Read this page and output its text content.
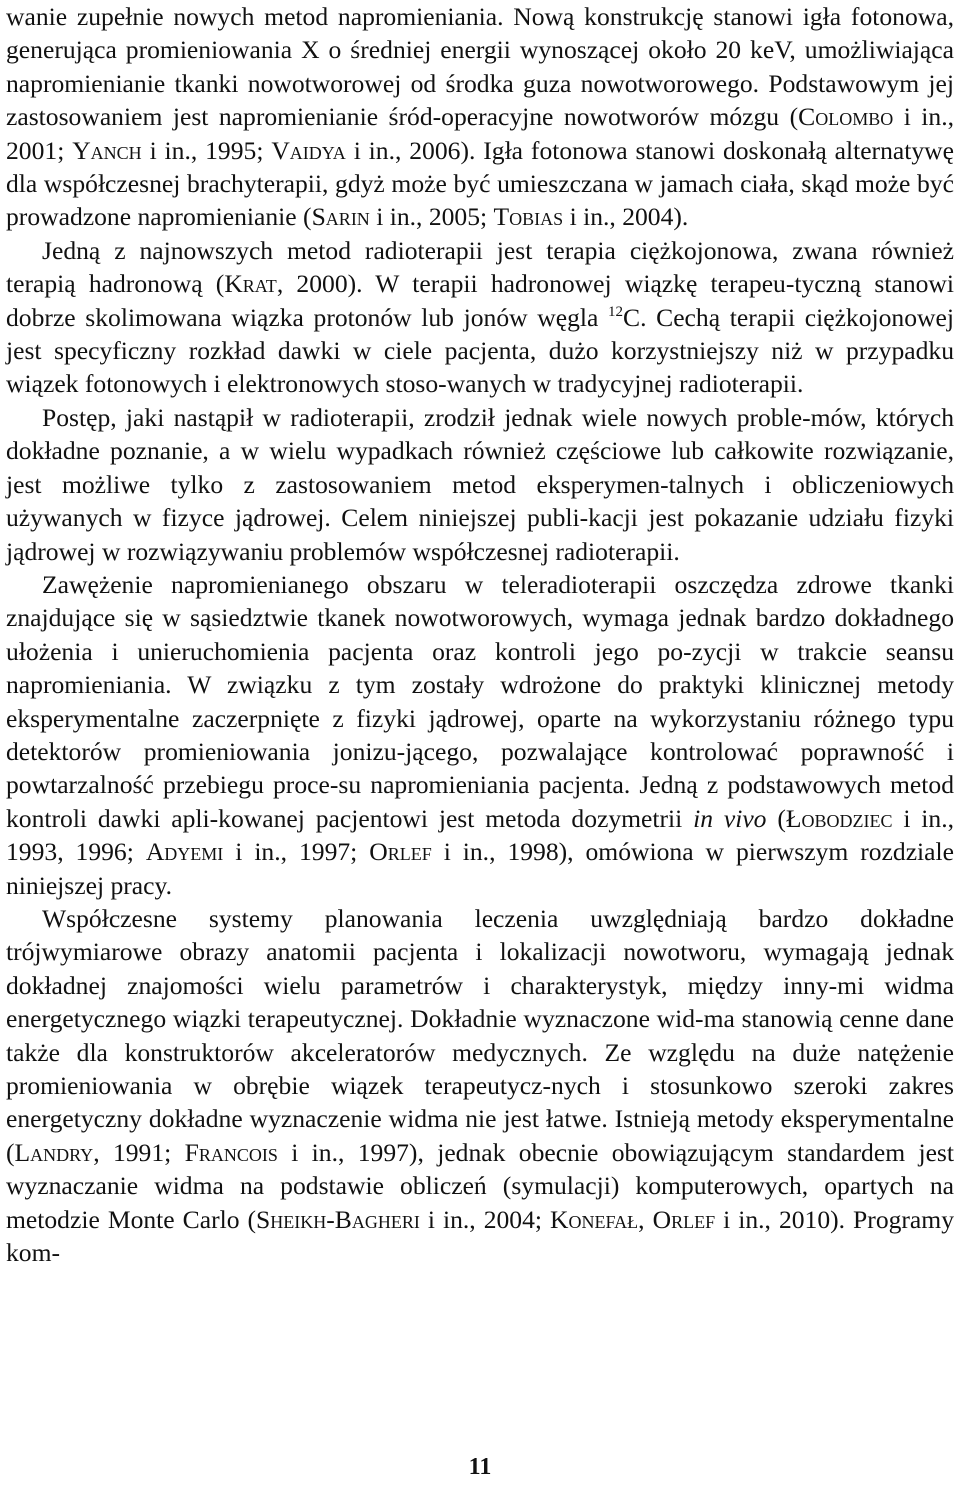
wanie zupełnie nowych metod napromieniania. Nową konstrukcję stanowi igła fotonowa, generująca promieniowania X o średniej energii wynoszącej około 20 keV, umożliwiająca napromienianie tkanki nowotworowej od środka guza nowotworowego. Podstawowym jej zastosowaniem jest napromienianie śród-operacyjne nowotworów mózgu (Colombo i in., 2001; Yanch i in., 1995; Vaidya i in., 2006). Igła fotonowa stanowi doskonałą alternatywę dla współczesnej brachyterapii, gdyż może być umieszczana w jamach ciała, skąd może być prowadzone napromienianie (Sarin i in., 2005; Tobias i in., 2004).

Jedną z najnowszych metod radioterapii jest terapia ciężkojonowa, zwana również terapią hadronową (Krat, 2000). W terapii hadronowej wiązkę terapeu-tyczną stanowi dobrze skolimowana wiązka protonów lub jonów węgla $^{12}$C. Cechą terapii ciężkojonowej jest specyficzny rozkład dawki w ciele pacjenta, dużo korzystniejszy niż w przypadku wiązek fotonowych i elektronowych stoso-wanych w tradycyjnej radioterapii.

Postęp, jaki nastąpił w radioterapii, zrodził jednak wiele nowych proble-mów, których dokładne poznanie, a w wielu wypadkach również częściowe lub całkowite rozwiązanie, jest możliwe tylko z zastosowaniem metod eksperymen-talnych i obliczeniowych używanych w fizyce jądrowej. Celem niniejszej publi-kacji jest pokazanie udziału fizyki jądrowej w rozwiązywaniu problemów współczesnej radioterapii.

Zawężenie napromienianego obszaru w teleradioterapii oszczędza zdrowe tkanki znajdujące się w sąsiedztwie tkanek nowotworowych, wymaga jednak bardzo dokładnego ułożenia i unieruchomienia pacjenta oraz kontroli jego po-zycji w trakcie seansu napromieniania. W związku z tym zostały wdrożone do praktyki klinicznej metody eksperymentalne zaczerpnięte z fizyki jądrowej, oparte na wykorzystaniu różnego typu detektorów promieniowania jonizu-jącego, pozwalające kontrolować poprawność i powtarzalność przebiegu proce-su napromieniania pacjenta. Jedną z podstawowych metod kontroli dawki apli-kowanej pacjentowi jest metoda dozymetrii in vivo (Łobodziec i in., 1993, 1996; Adyemi i in., 1997; Orlef i in., 1998), omówiona w pierwszym rozdziale niniejszej pracy.

Współczesne systemy planowania leczenia uwzględniają bardzo dokładne trójwymiarowe obrazy anatomii pacjenta i lokalizacji nowotworu, wymagają jednak dokładnej znajomości wielu parametrów i charakterystyk, między inny-mi widma energetycznego wiązki terapeutycznej. Dokładnie wyznaczone wid-ma stanowią cenne dane także dla konstruktorów akceleratorów medycznych. Ze względu na duże natężenie promieniowania w obrębie wiązek terapeutycz-nych i stosunkowo szeroki zakres energetyczny dokładne wyznaczenie widma nie jest łatwe. Istnieją metody eksperymentalne (Landry, 1991; Francois i in., 1997), jednak obecnie obowiązującym standardem jest wyznaczanie widma na podstawie obliczeń (symulacji) komputerowych, opartych na metodzie Monte Carlo (Sheikh-Bagheri i in., 2004; Konefał, Orlef i in., 2010). Programy kom-

11
